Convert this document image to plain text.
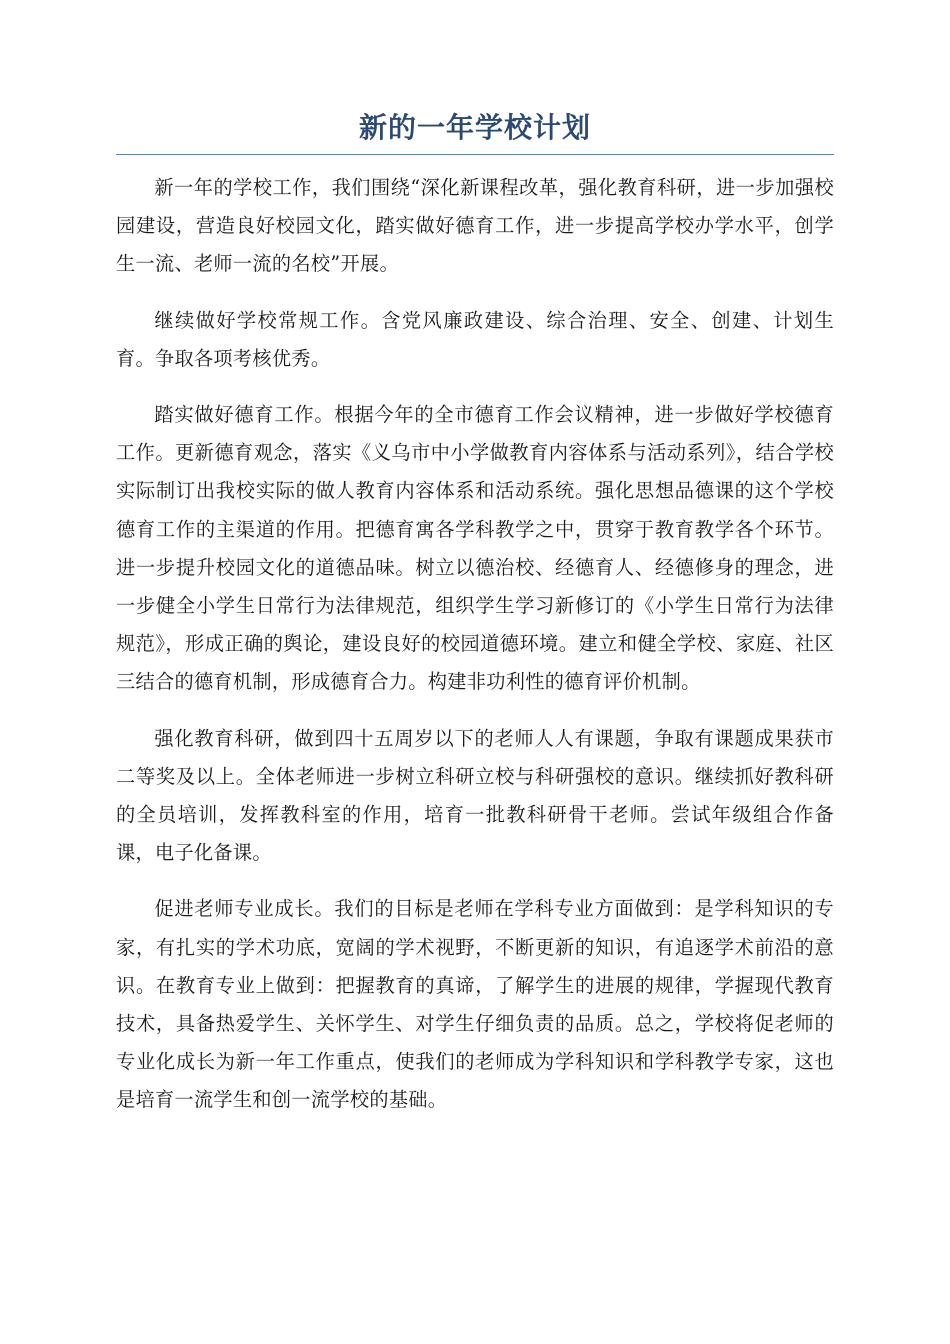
新的一年学校计划

新一年的学校工作，我们围绕“深化新课程改革，强化教育科研，进一步加强校园建设，营造良好校园文化，踏实做好德育工作，进一步提高学校办学水平，创学生一流、老师一流的名校”开展。

继续做好学校常规工作。含党风廉政建设、综合治理、安全、创建、计划生育。争取各项考核优秀。

踏实做好德育工作。根据今年的全市德育工作会议精神，进一步做好学校德育工作。更新德育观念，落实《义乌市中小学做教育内容体系与活动系列》，结合学校实际制订出我校实际的做人教育内容体系和活动系统。强化思想品德课的这个学校德育工作的主渠道的作用。把德育寓各学科教学之中，贯穿于教育教学各个环节。进一步提升校园文化的道德品味。树立以德治校、经德育人、经德修身的理念，进一步健全小学生日常行为法律规范，组织学生学习新修订的《小学生日常行为法律规范》，形成正确的舆论，建设良好的校园道德环境。建立和健全学校、家庭、社区三结合的德育机制，形成德育合力。构建非功利性的德育评价机制。

强化教育科研，做到四十五周岁以下的老师人人有课题，争取有课题成果获市二等奖及以上。全体老师进一步树立科研立校与科研强校的意识。继续抓好教科研的全员培训，发挥教科室的作用，培育一批教科研骨干老师。尝试年级组合作备课，电子化备课。

促进老师专业成长。我们的目标是老师在学科专业方面做到：是学科知识的专家，有扎实的学术功底，宽阔的学术视野，不断更新的知识，有追逐学术前沿的意识。在教育专业上做到：把握教育的真谛，了解学生的进展的规律，学握现代教育技术，具备热爱学生、关怀学生、对学生仔细负责的品质。总之，学校将促老师的专业化成长为新一年工作重点，使我们的老师成为学科知识和学科教学专家，这也是培育一流学生和创一流学校的基础。
